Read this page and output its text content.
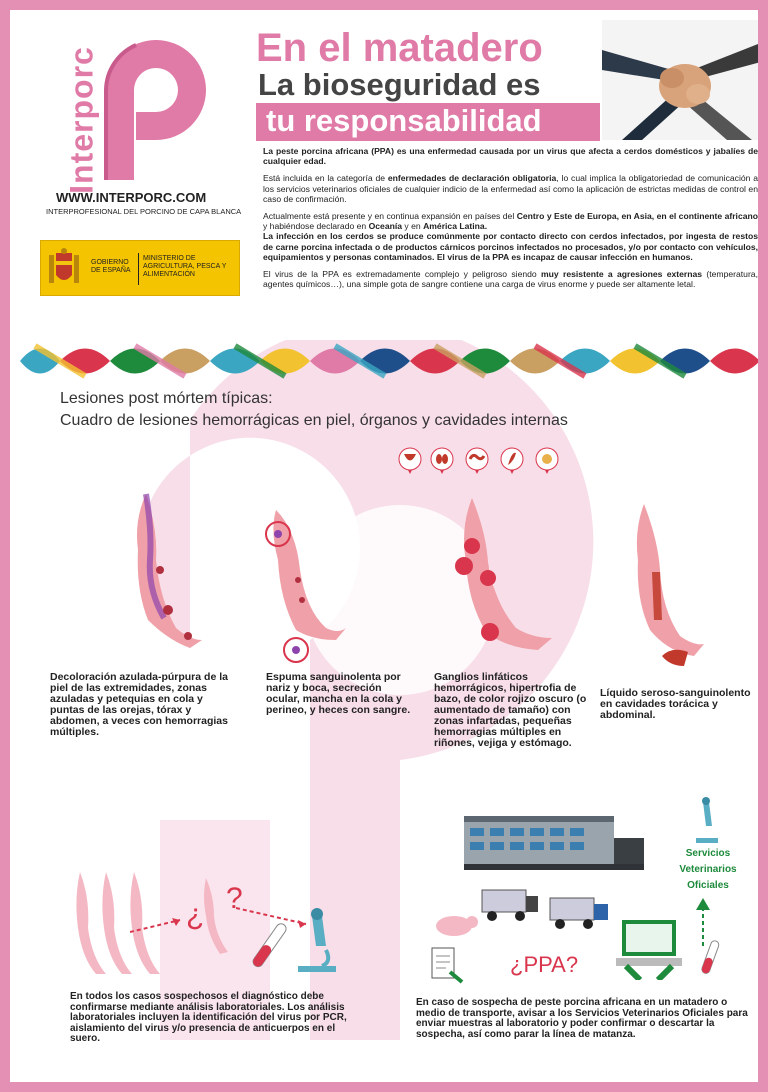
Interporc
WWW.INTERPORC.COM
INTERPROFESIONAL DEL PORCINO DE CAPA BLANCA
GOBIERNO DE ESPAÑA
MINISTERIO DE AGRICULTURA, PESCA Y ALIMENTACIÓN
En el matadero
La bioseguridad es
tu responsabilidad

La peste porcina africana (PPA) es una enfermedad causada por un virus que afecta a cerdos domésticos y jabalíes de cualquier edad.

Está incluida en la categoría de enfermedades de declaración obligatoria, lo cual implica la obligatoriedad de comunicación a los servicios veterinarios oficiales de cualquier indicio de la enfermedad así como la aplicación de estrictas medidas de control en caso de confirmación.

Actualmente está presente y en continua expansión en países del Centro y Este de Europa, en Asia, en el continente africano y habiéndose declarado en Oceanía y en América Latina.

La infección en los cerdos se produce comúnmente por contacto directo con cerdos infectados, por ingesta de restos de carne porcina infectada o de productos cárnicos porcinos infectados no procesados, y/o por contacto con vehículos, equipamientos y personas contaminados. El virus de la PPA es incapaz de causar infección en humanos.

El virus de la PPA es extremadamente complejo y peligroso siendo muy resistente a agresiones externas (temperatura, agentes químicos…), una simple gota de sangre contiene una carga de virus enorme y puede ser altamente letal.

Lesiones post mórtem típicas:
Cuadro de lesiones hemorrágicas en piel, órganos y cavidades internas
Decoloración azulada-púrpura de la piel de las extremidades, zonas azuladas y petequias en cola y puntas de las orejas, tórax y abdomen, a veces con hemorragias múltiples.
Espuma sanguinolenta por nariz y boca, secreción ocular, mancha en la cola y perineo, y heces con sangre.
Ganglios linfáticos hemorrágicos, hipertrofia de bazo, de color rojizo oscuro (o aumentado de tamaño) con zonas infartadas, pequeñas hemorragias múltiples en riñones, vejiga y estómago.
Líquido seroso-sanguinolento en cavidades torácica y abdominal.
¿ ?
En todos los casos sospechosos el diagnóstico debe confirmarse mediante análisis laboratoriales. Los análisis laboratoriales incluyen la identificación del virus por PCR, aislamiento del virus y/o presencia de anticuerpos en el suero.
¿PPA?
Servicios
Veterinarios
Oficiales
En caso de sospecha de peste porcina africana en un matadero o medio de transporte, avisar a los Servicios Veterinarios Oficiales para enviar muestras al laboratorio y poder confirmar o descartar la sospecha, así como parar la línea de matanza.
